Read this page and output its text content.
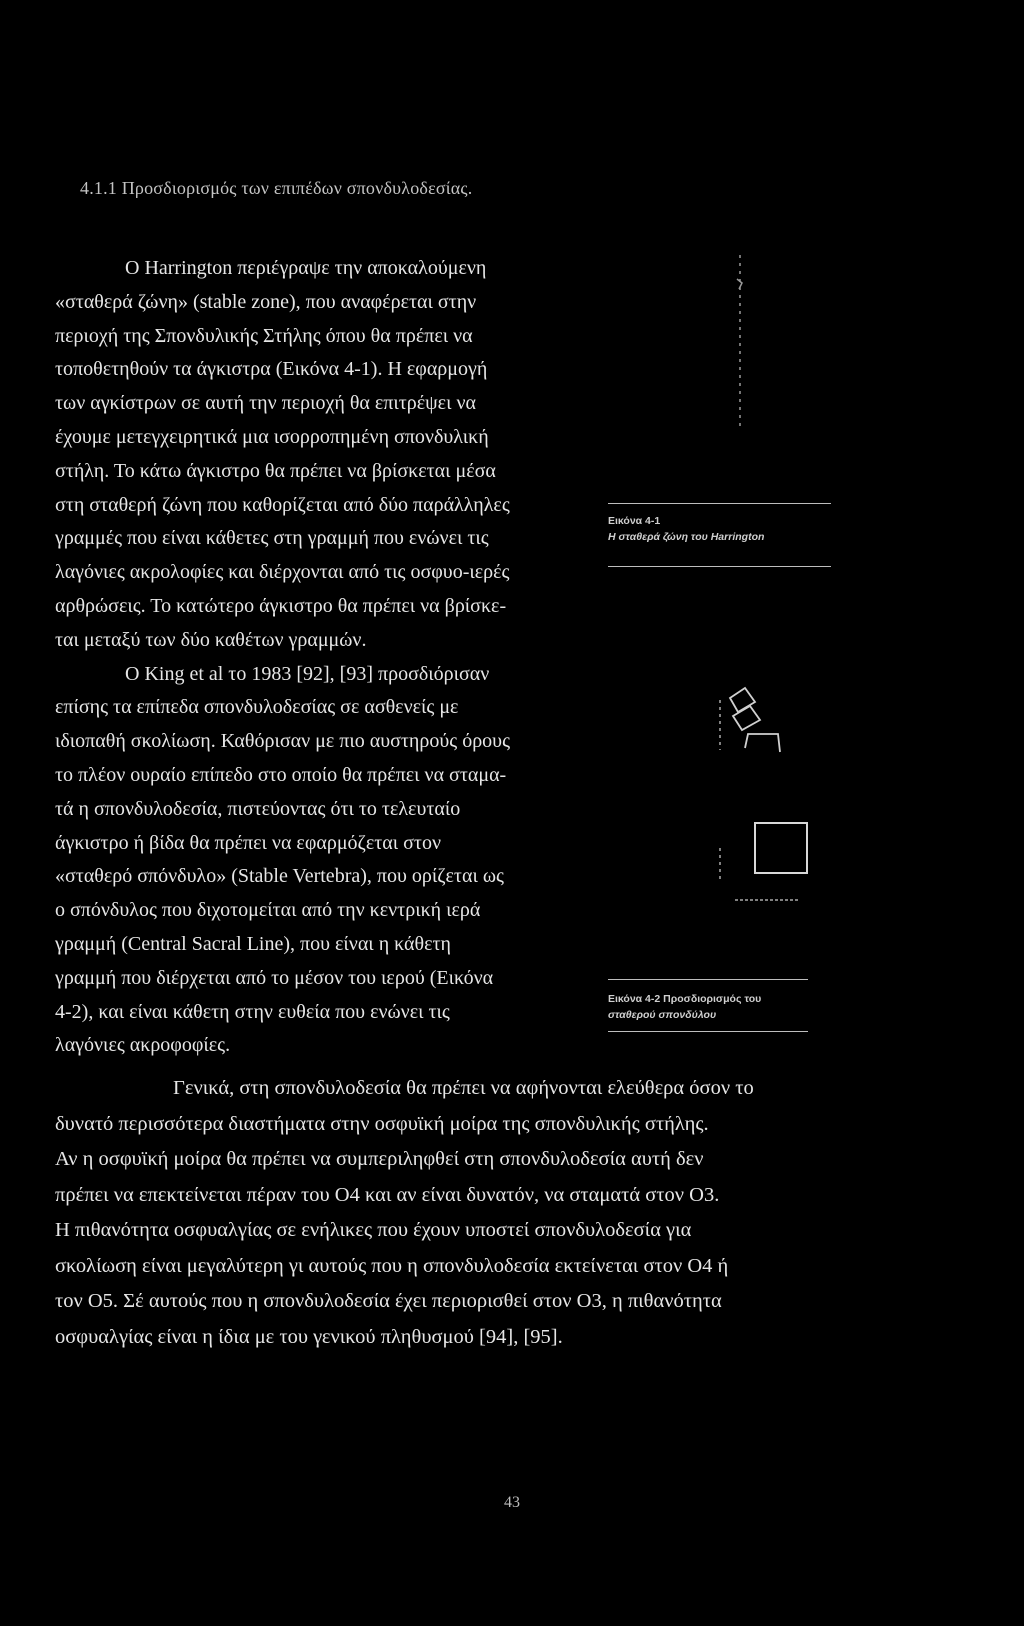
4.1.1 Προσδιορισμός των επιπέδων σπονδυλοδεσίας.
Ο Harrington περιέγραψε την αποκαλούμενη
«σταθερά ζώνη» (stable zone), που αναφέρεται στην
περιοχή της Σπονδυλικής Στήλης όπου θα πρέπει να
τοποθετηθούν τα άγκιστρα (Εικόνα 4-1). Η εφαρμογή
των αγκίστρων σε αυτή την περιοχή θα επιτρέψει να
έχουμε μετεγχειρητικά μια ισορροπημένη σπονδυλική
στήλη. Το κάτω άγκιστρο θα πρέπει να βρίσκεται μέσα
στη σταθερή ζώνη που καθορίζεται από δύο παράλληλες
γραμμές που είναι κάθετες στη γραμμή που ενώνει τις
λαγόνιες ακρολοφίες και διέρχονται από τις οσφυο-ιερές
αρθρώσεις. Το κατώτερο άγκιστρο θα πρέπει να βρίσκε-
ται μεταξύ των δύο καθέτων γραμμών.
Ο King et al το 1983 [92], [93] προσδιόρισαν
επίσης τα επίπεδα σπονδυλοδεσίας σε ασθενείς με
ιδιοπαθή σκολίωση. Καθόρισαν με πιο αυστηρούς όρους
το πλέον ουραίο επίπεδο στο οποίο θα πρέπει να σταμα-
τά η σπονδυλοδεσία, πιστεύοντας ότι το τελευταίο
άγκιστρο ή βίδα θα πρέπει να εφαρμόζεται στον
«σταθερό σπόνδυλο» (Stable Vertebra), που ορίζεται ως
ο σπόνδυλος που διχοτομείται από την κεντρική ιερά
γραμμή (Central Sacral Line), που είναι η κάθετη
γραμμή που διέρχεται από το μέσον του ιερού (Εικόνα
4-2), και είναι κάθετη στην ευθεία που ενώνει τις
λαγόνιες ακροφοφίες.
Γενικά, στη σπονδυλοδεσία θα πρέπει να αφήνονται ελεύθερα όσον το
δυνατό περισσότερα διαστήματα στην οσφυϊκή μοίρα της σπονδυλικής στήλης.
Αν η οσφυϊκή μοίρα θα πρέπει να συμπεριληφθεί στη σπονδυλοδεσία αυτή δεν
πρέπει να επεκτείνεται πέραν του Ο4 και αν είναι δυνατόν, να σταματά στον Ο3.
Η πιθανότητα οσφυαλγίας σε ενήλικες που έχουν υποστεί σπονδυλοδεσία για
σκολίωση είναι μεγαλύτερη γι αυτούς που η σπονδυλοδεσία εκτείνεται στον Ο4 ή
τον Ο5. Σέ αυτούς που η σπονδυλοδεσία έχει περιορισθεί στον Ο3, η πιθανότητα
οσφυαλγίας είναι η ίδια με του γενικού πληθυσμού [94], [95].
Εικόνα 4-1
Η σταθερά ζώνη του Harrington
Εικόνα 4-2 Προσδιορισμός του
σταθερού σπονδύλου
43
